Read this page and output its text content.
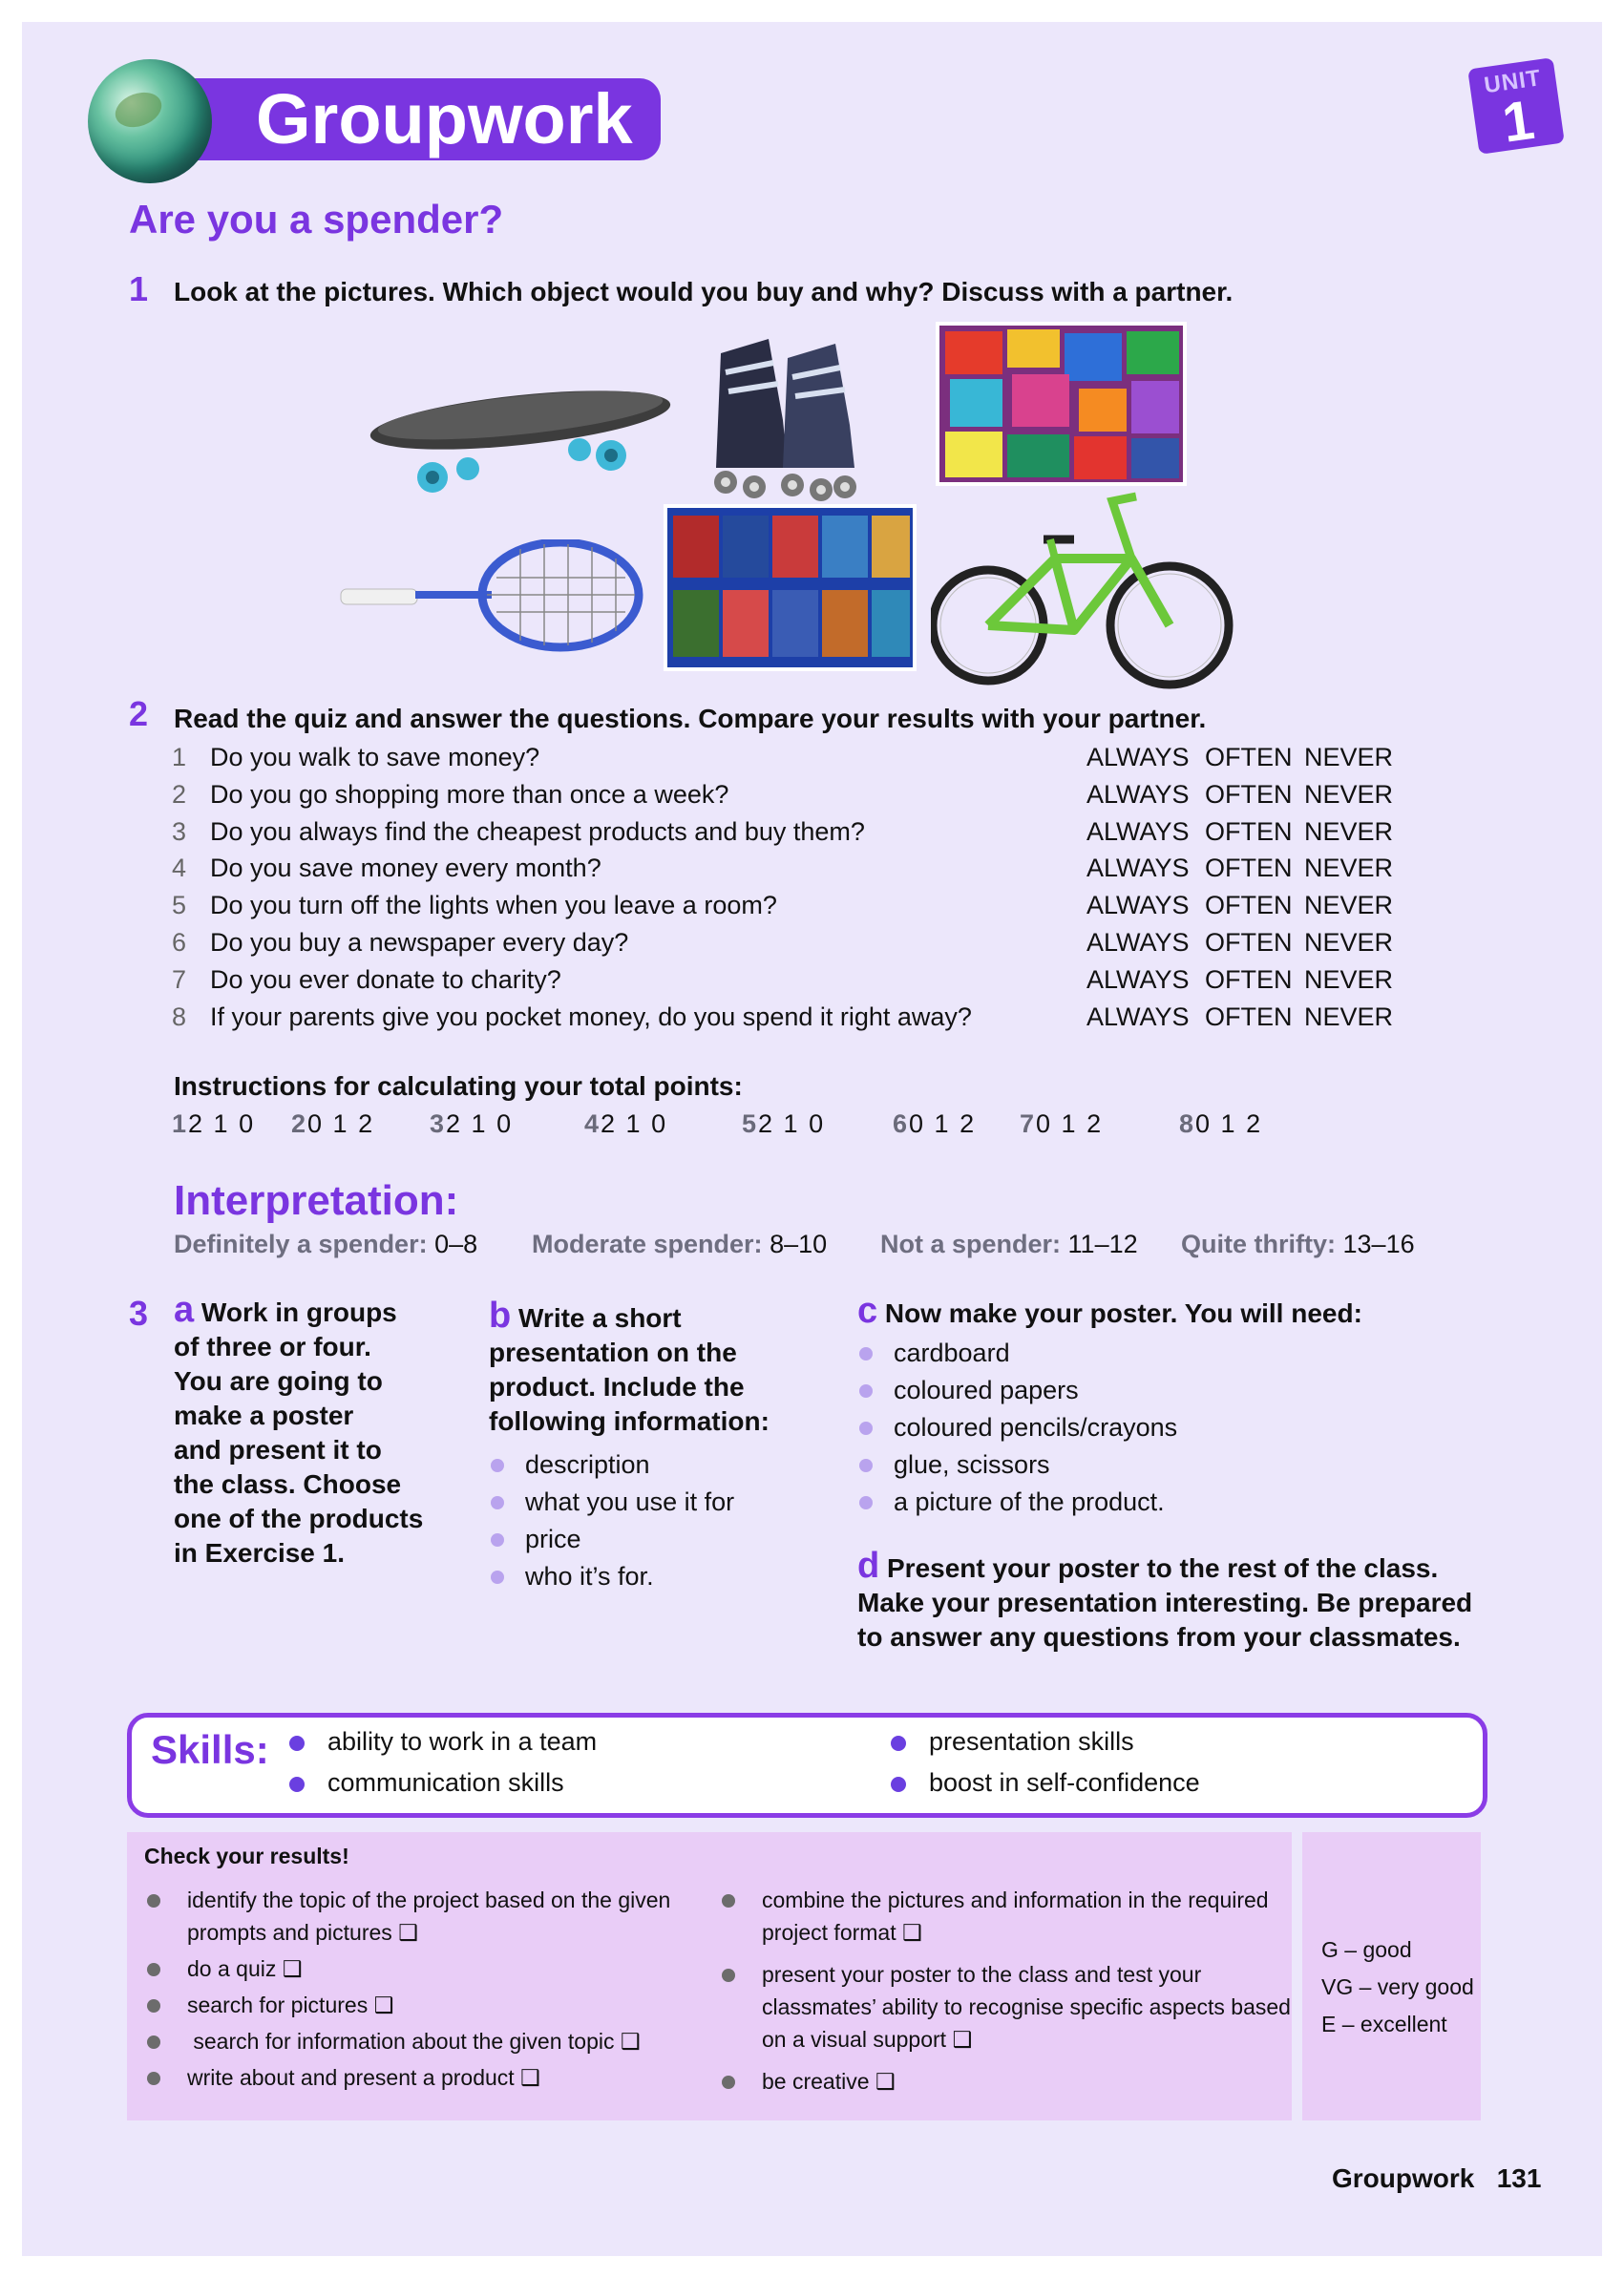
Groupwork	UNIT
1
Are you a spender?
1 Look at the pictures. Which object would you buy and why? Discuss with a partner.
2 Read the quiz and answer the questions. Compare your results with your partner.
1 Do you walk to save money?	ALWAYS OFTEN NEVER
2 Do you go shopping more than once a week?	ALWAYS OFTEN NEVER
3 Do you always find the cheapest products and buy them?	ALWAYS OFTEN NEVER
4 Do you save money every month?	ALWAYS OFTEN NEVER
5 Do you turn off the lights when you leave a room?	ALWAYS OFTEN NEVER
6 Do you buy a newspaper every day?	ALWAYS OFTEN NEVER
7 Do you ever donate to charity?	ALWAYS OFTEN NEVER
8 If your parents give you pocket money, do you spend it right away?	ALWAYS OFTEN NEVER
Instructions for calculating your total points:
12 1 0 20 1 2 32 1 0	42 1 0	52 1 0	60 1 2 70 1 2	80 1 2
Interpretation:
Definitely a spender: 0–8 Moderate spender: 8–10 Not a spender: 11–12 Quite thrifty: 13–16
3 a Work in groups
of three or four.
You are going to
make a poster
and present it to
the class. Choose
one of the products
in Exercise 1.
b Write a short
presentation on the
product. Include the
following information:
description
what you use it for
price
who it’s for.
c Now make your poster. You will need:
cardboard
coloured papers
coloured pencils/crayons
glue, scissors
a picture of the product.
d Present your poster to the rest of the class.
Make your presentation interesting. Be prepared
to answer any questions from your classmates.
Skills:	ability to work in a team
communication skills
presentation skills
boost in self-confidence
Check your results!
identify the topic of the project based on the given
prompts and pictures ❑
do a quiz ❑
search for pictures ❑
search for information about the given topic ❑
write about and present a product ❑
combine the pictures and information in the required
project format ❑
present your poster to the class and test your
classmates’ ability to recognise specific aspects based
on a visual support ❑
be creative ❑
G – good
VG – very good
E – excellent
Groupwork 131
